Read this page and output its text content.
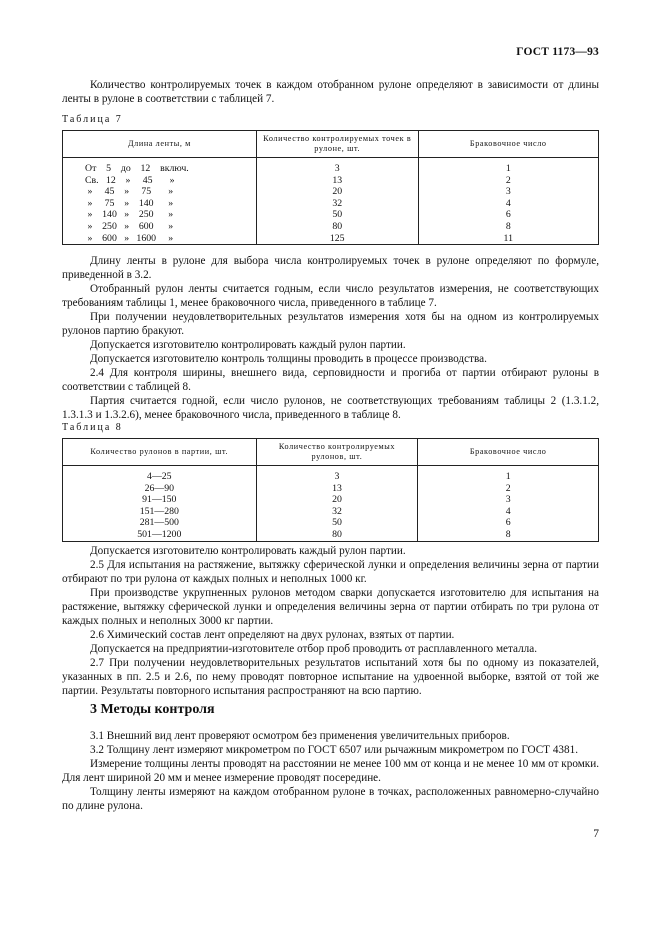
ГОСТ 1173—93

Количество контролируемых точек в каждом отобранном рулоне определяют в зависимости от длины ленты в рулоне в соответствии с таблицей 7.

Таблица 7
Длина ленты, м	Количество контролируемых точек в рулоне, шт.	Браковочное число
От    5    до    12    включ.	3	1
Св.   12    »     45       »	13	2
»     45    »     75       »	20	3
»     75    »    140      »	32	4
»    140   »    250      »	50	6
»    250   »    600      »	80	8
»    600   »   1600     »	125	11

Длину ленты в рулоне для выбора числа контролируемых точек в рулоне определяют по формуле, приведенной в 3.2.

Отобранный рулон ленты считается годным, если число результатов измерения, не соответствующих требованиям таблицы 1, менее браковочного числа, приведенного в таблице 7.

При получении неудовлетворительных результатов измерения хотя бы на одном из контролируемых рулонов партию бракуют.

Допускается изготовителю контролировать каждый рулон партии.

Допускается изготовителю контроль толщины проводить в процессе производства.

2.4 Для контроля ширины, внешнего вида, серповидности и прогиба от партии отбирают рулоны в соответствии с таблицей 8.

Партия считается годной, если число рулонов, не соответствующих требованиям таблицы 2 (1.3.1.2, 1.3.1.3 и 1.3.2.6), менее браковочного числа, приведенного в таблице 8.

Таблица 8
Количество рулонов в партии, шт.	Количество контролируемых рулонов, шт.	Браковочное число
4—25	3	1
26—90	13	2
91—150	20	3
151—280	32	4
281—500	50	6
501—1200	80	8

Допускается изготовителю контролировать каждый рулон партии.

2.5 Для испытания на растяжение, вытяжку сферической лунки и определения величины зерна от партии отбирают по три рулона от каждых полных и неполных 1000 кг.

При производстве укрупненных рулонов методом сварки допускается изготовителю для испытания на растяжение, вытяжку сферической лунки и определения величины зерна от партии отбирать по три рулона от каждых полных и неполных 3000 кг партии.

2.6 Химический состав лент определяют на двух рулонах, взятых от партии.

Допускается на предприятии-изготовителе отбор проб проводить от расплавленного металла.

2.7 При получении неудовлетворительных результатов испытаний хотя бы по одному из показателей, указанных в пп. 2.5 и 2.6, по нему проводят повторное испытание на удвоенной выборке, взятой от той же партии. Результаты повторного испытания распространяют на всю партию.

3 Методы контроля

3.1 Внешний вид лент проверяют осмотром без применения увеличительных приборов.

3.2 Толщину лент измеряют микрометром по ГОСТ 6507 или рычажным микрометром по ГОСТ 4381.

Измерение толщины ленты проводят на расстоянии не менее 100 мм от конца и не менее 10 мм от кромки. Для лент шириной 20 мм и менее измерение проводят посередине.

Толщину ленты измеряют на каждом отобранном рулоне в точках, расположенных равномерно-случайно по длине рулона.

7
